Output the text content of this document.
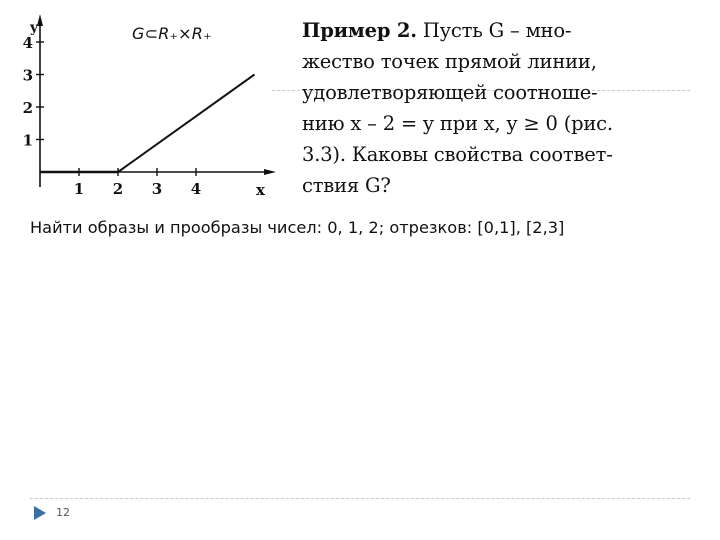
y
x
1
2
3
4
1 2 3 4
G⊂R₊×R₊	Пример 2. Пусть G – мно-
жество точек прямой линии,
удовлетворяющей соотноше-
нию x – 2 = y при x, y ≥ 0 (рис.
3.3). Каковы свойства соответ-
ствия G?
Найти образы и прообразы чисел: 0, 1, 2; отрезков: [0,1], [2,3]
12
